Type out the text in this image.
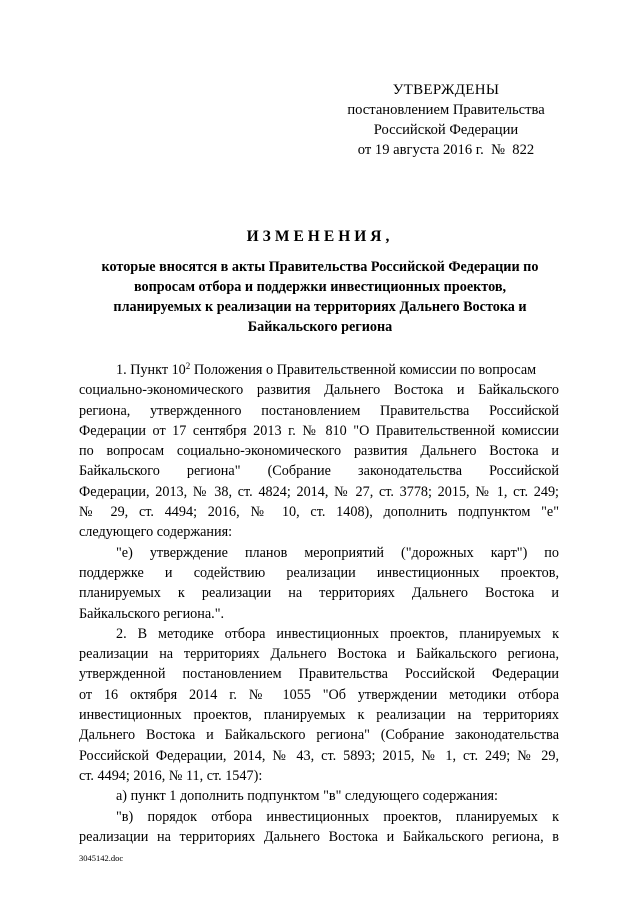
УТВЕРЖДЕНЫ
постановлением Правительства
Российской Федерации
от 19 августа 2016 г.  №  822
ИЗМЕНЕНИЯ,
которые вносятся в акты Правительства Российской Федерации по
вопросам отбора и поддержки инвестиционных проектов,
планируемых к реализации на территориях Дальнего Востока и
Байкальского региона
1. Пункт $10^2$ Положения о Правительственной комиссии по вопросам
социально-экономического развития Дальнего Востока и Байкальского
региона, утвержденного постановлением Правительства Российской
Федерации от 17 сентября 2013 г. № 810 "О Правительственной комиссии
по вопросам социально-экономического развития Дальнего Востока и
Байкальского региона" (Собрание законодательства Российской
Федерации, 2013, № 38, ст. 4824; 2014, № 27, ст. 3778; 2015, № 1, ст. 249;
№ 29, ст. 4494; 2016, № 10, ст. 1408), дополнить подпунктом "е"
следующего содержания:
"е) утверждение планов мероприятий ("дорожных карт") по
поддержке и содействию реализации инвестиционных проектов,
планируемых к реализации на территориях Дальнего Востока и
Байкальского региона.".
2. В методике отбора инвестиционных проектов, планируемых к
реализации на территориях Дальнего Востока и Байкальского региона,
утвержденной постановлением Правительства Российской Федерации
от 16 октября 2014 г. № 1055 "Об утверждении методики отбора
инвестиционных проектов, планируемых к реализации на территориях
Дальнего Востока и Байкальского региона" (Собрание законодательства
Российской Федерации, 2014, № 43, ст. 5893; 2015, № 1, ст. 249; № 29,
ст. 4494; 2016, № 11, ст. 1547):
а) пункт 1 дополнить подпунктом "в" следующего содержания:
"в) порядок отбора инвестиционных проектов, планируемых к
реализации на территориях Дальнего Востока и Байкальского региона, в
3045142.doc
